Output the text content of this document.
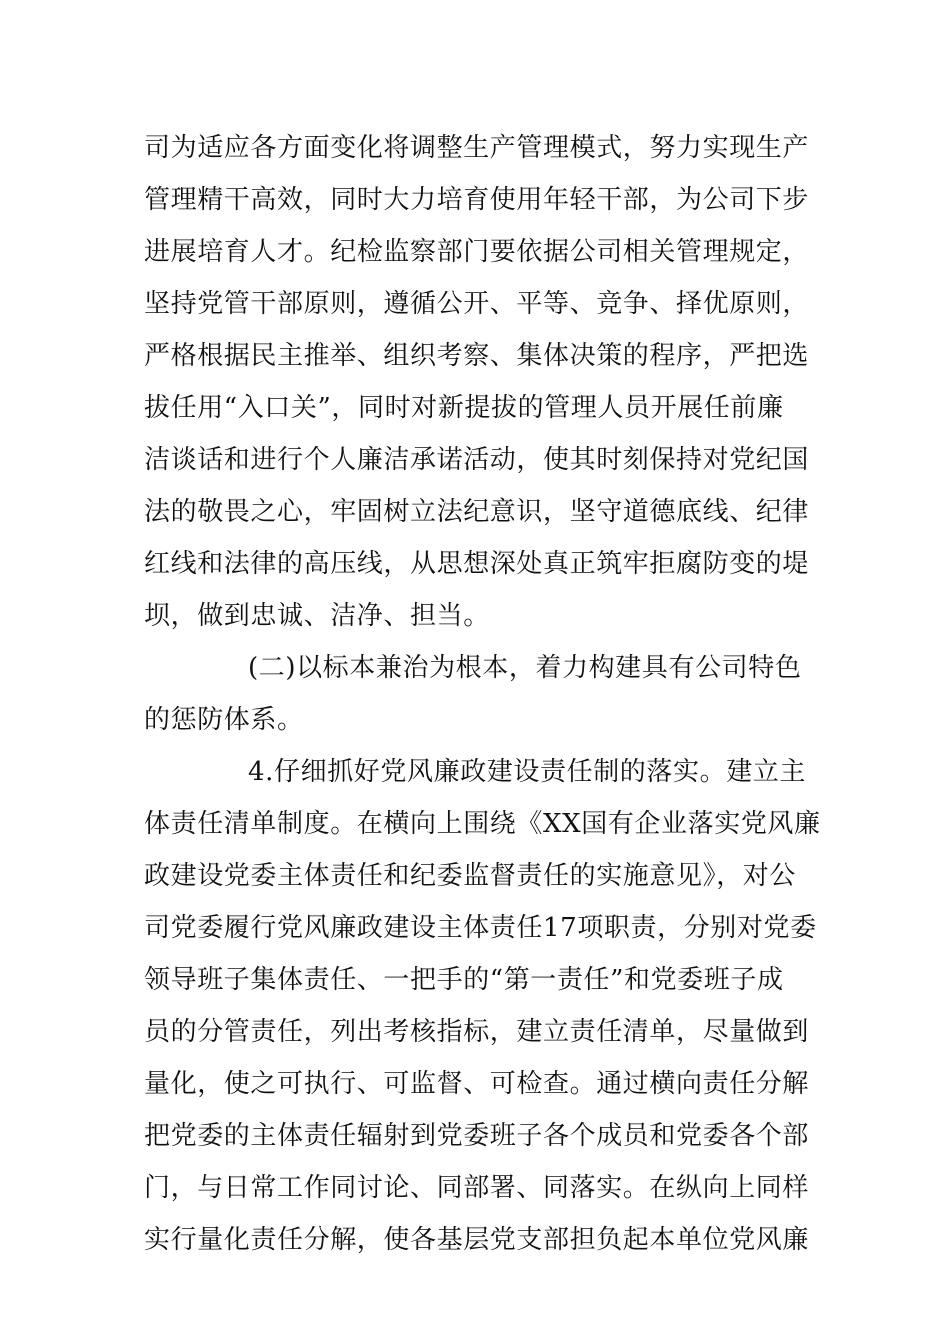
司为适应各方面变化将调整生产管理模式，努力实现生产
管理精干高效，同时大力培育使用年轻干部，为公司下步
进展培育人才。纪检监察部门要依据公司相关管理规定，
坚持党管干部原则，遵循公开、平等、竞争、择优原则，
严格根据民主推举、组织考察、集体决策的程序，严把选
拔任用“入口关”，同时对新提拔的管理人员开展任前廉
洁谈话和进行个人廉洁承诺活动，使其时刻保持对党纪国
法的敬畏之心，牢固树立法纪意识，坚守道德底线、纪律
红线和法律的高压线，从思想深处真正筑牢拒腐防变的堤
坝，做到忠诚、洁净、担当。
(二)以标本兼治为根本，着力构建具有公司特色
的惩防体系。
4.仔细抓好党风廉政建设责任制的落实。建立主
体责任清单制度。在横向上围绕《XX国有企业落实党风廉
政建设党委主体责任和纪委监督责任的实施意见》，对公
司党委履行党风廉政建设主体责任17项职责，分别对党委
领导班子集体责任、一把手的“第一责任”和党委班子成
员的分管责任，列出考核指标，建立责任清单，尽量做到
量化，使之可执行、可监督、可检查。通过横向责任分解
把党委的主体责任辐射到党委班子各个成员和党委各个部
门，与日常工作同讨论、同部署、同落实。在纵向上同样
实行量化责任分解，使各基层党支部担负起本单位党风廉
